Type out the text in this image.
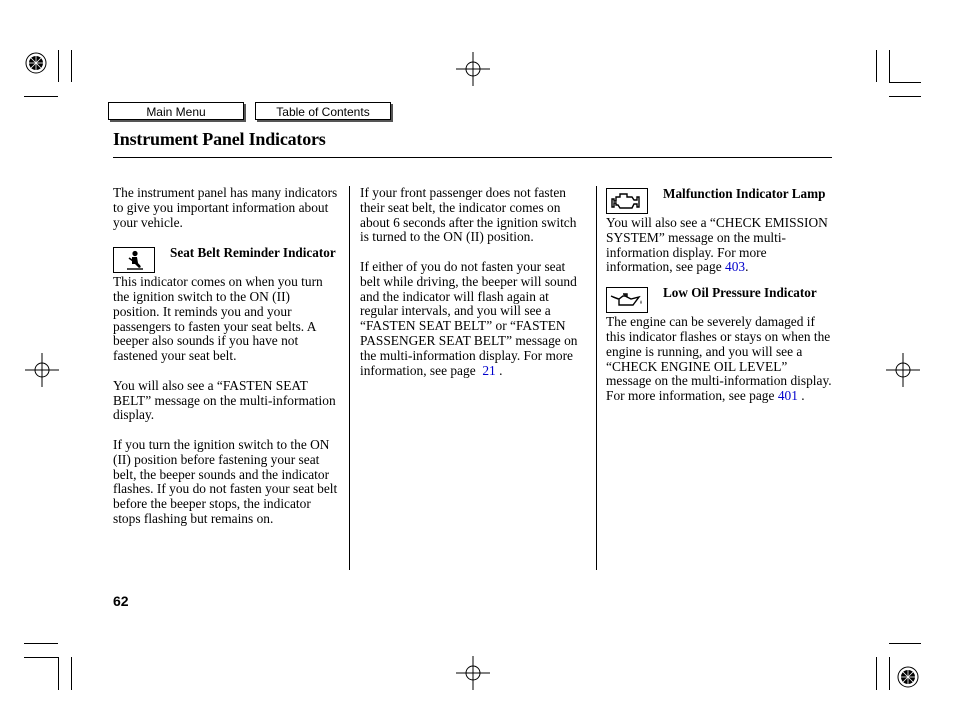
Main Menu	Table of Contents
Instrument Panel Indicators

The instrument panel has many indicators to give you important information about your vehicle.

Seat Belt Reminder Indicator

This indicator comes on when you turn the ignition switch to the ON (II) position. It reminds you and your passengers to fasten your seat belts. A beeper also sounds if you have not fastened your seat belt.

You will also see a “FASTEN SEAT BELT” message on the multi-information display.

If you turn the ignition switch to the ON (II) position before fastening your seat belt, the beeper sounds and the indicator flashes. If you do not fasten your seat belt before the beeper stops, the indicator stops flashing but remains on.

If your front passenger does not fasten their seat belt, the indicator comes on about 6 seconds after the ignition switch is turned to the ON (II) position.

If either of you do not fasten your seat belt while driving, the beeper will sound and the indicator will flash again at regular intervals, and you will see a “FASTEN SEAT BELT” or “FASTEN PASSENGER SEAT BELT” message on the multi-information display. For more information, see page 21 .

Malfunction Indicator Lamp

You will also see a “CHECK EMISSION SYSTEM” message on the multi-information display. For more information, see page 403.

Low Oil Pressure Indicator

The engine can be severely damaged if this indicator flashes or stays on when the engine is running, and you will see a “CHECK ENGINE OIL LEVEL” message on the multi-information display. For more information, see page 401 .

62
